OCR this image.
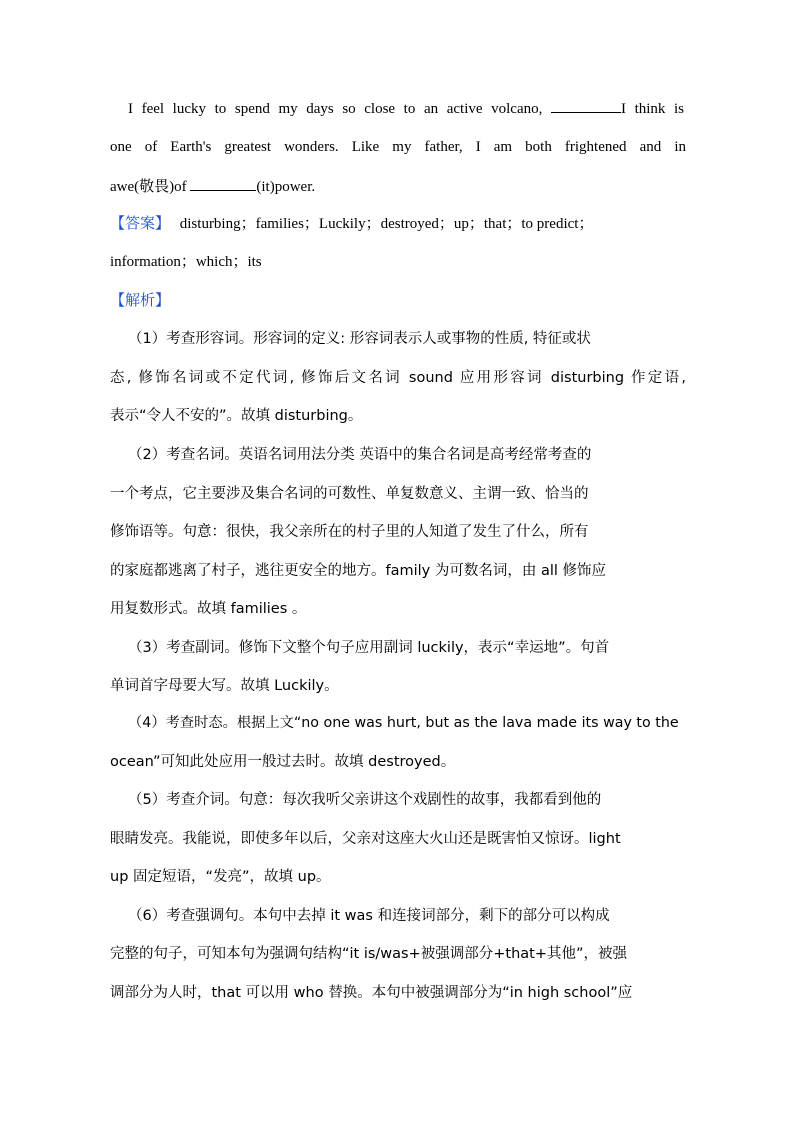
I feel lucky to spend my days so close to an active volcano,	I think is
one of Earth's greatest wonders. Like my father, I am both frightened and in
awe(敬畏)of	(it)power.
【答案】 disturbing；families；Luckily；destroyed；up；that；to predict；
information；which；its
【解析】
（1）考查形容词。形容词的定义: 形容词表示人或事物的性质, 特征或状
态, 修饰名词或不定代词, 修饰后文名词 sound 应用形容词 disturbing 作定语,
表示“令人不安的”。故填 disturbing。
（2）考查名词。英语名词用法分类 英语中的集合名词是高考经常考查的
一个考点，它主要涉及集合名词的可数性、单复数意义、主谓一致、恰当的
修饰语等。句意：很快，我父亲所在的村子里的人知道了发生了什么，所有
的家庭都逃离了村子，逃往更安全的地方。family 为可数名词，由 all 修饰应
用复数形式。故填 families 。
（3）考查副词。修饰下文整个句子应用副词 luckily，表示“幸运地”。句首
单词首字母要大写。故填 Luckily。
（4）考查时态。根据上文“no one was hurt, but as the lava made its way to the
ocean”可知此处应用一般过去时。故填 destroyed。
（5）考查介词。句意：每次我听父亲讲这个戏剧性的故事，我都看到他的
眼睛发亮。我能说，即使多年以后，父亲对这座大火山还是既害怕又惊讶。light
up 固定短语，“发亮”，故填 up。
（6）考查强调句。本句中去掉 it was 和连接词部分，剩下的部分可以构成
完整的句子，可知本句为强调句结构“it is/was+被强调部分+that+其他”，被强
调部分为人时，that 可以用 who 替换。本句中被强调部分为“in high school”应
